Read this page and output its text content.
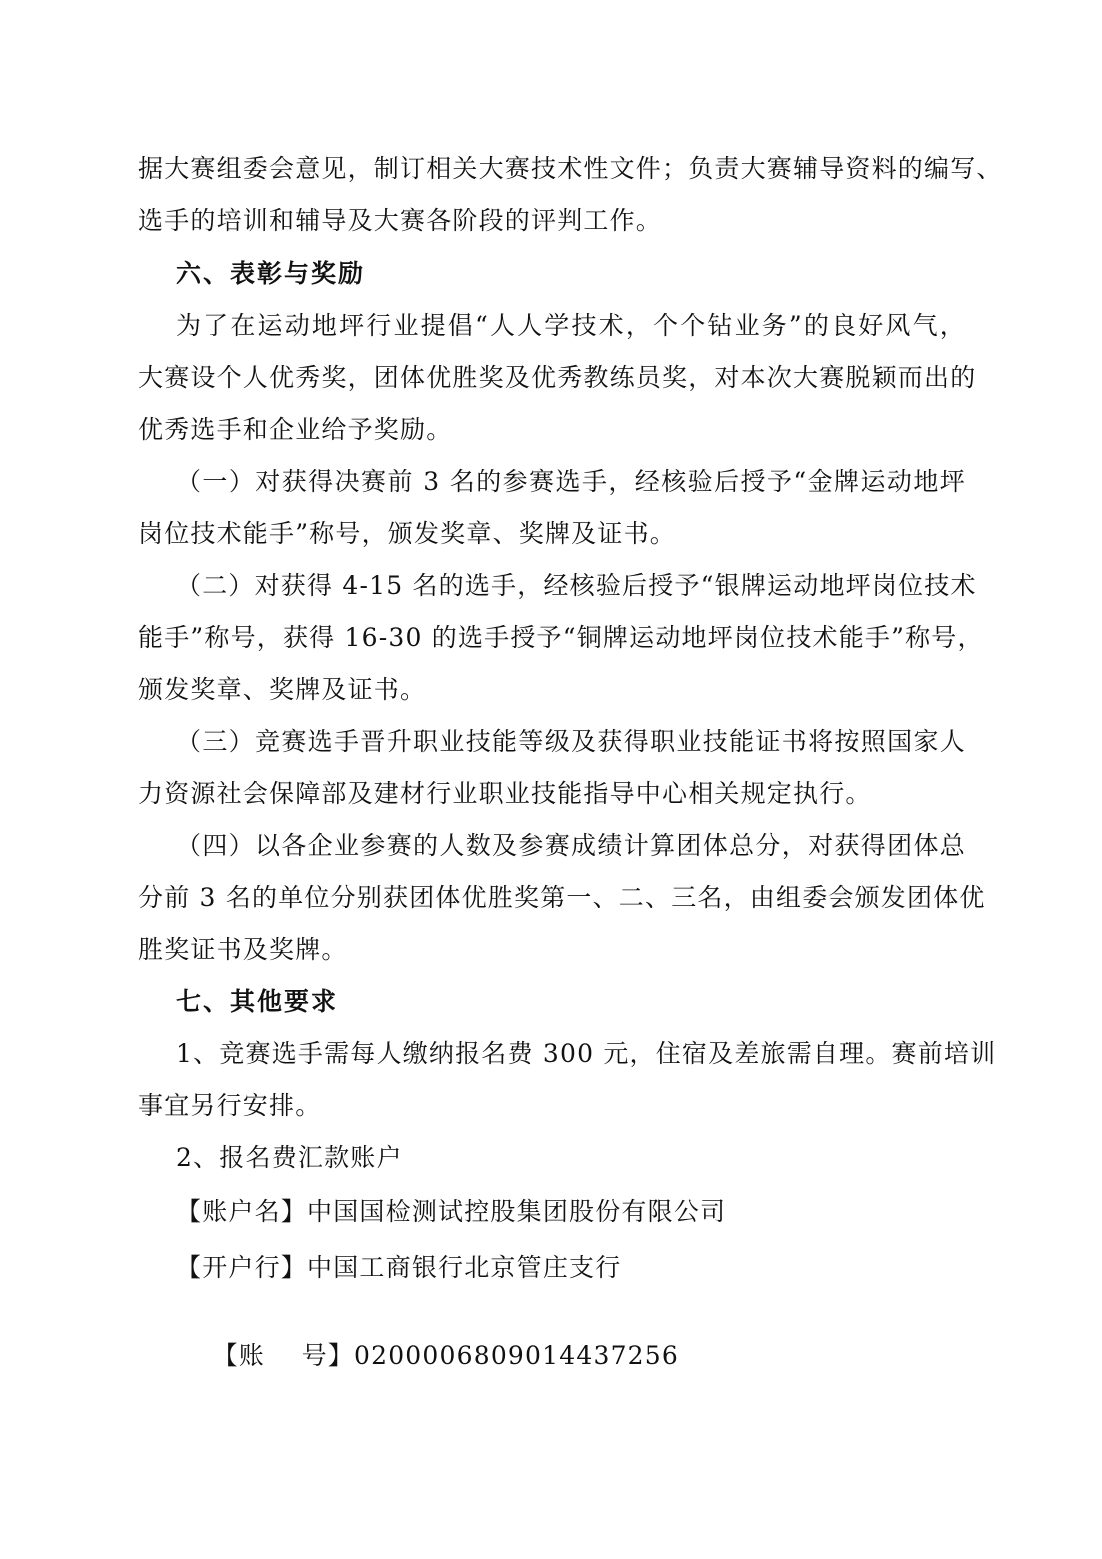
据大赛组委会意见，制订相关大赛技术性文件；负责大赛辅导资料的编写、
选手的培训和辅导及大赛各阶段的评判工作。
六、表彰与奖励
为了在运动地坪行业提倡“人人学技术，个个钻业务”的良好风气，
大赛设个人优秀奖，团体优胜奖及优秀教练员奖，对本次大赛脱颖而出的
优秀选手和企业给予奖励。
（一）对获得决赛前 3 名的参赛选手，经核验后授予“金牌运动地坪
岗位技术能手”称号，颁发奖章、奖牌及证书。
（二）对获得 4-15 名的选手，经核验后授予“银牌运动地坪岗位技术
能手”称号，获得 16-30 的选手授予“铜牌运动地坪岗位技术能手”称号，
颁发奖章、奖牌及证书。
（三）竞赛选手晋升职业技能等级及获得职业技能证书将按照国家人
力资源社会保障部及建材行业职业技能指导中心相关规定执行。
（四）以各企业参赛的人数及参赛成绩计算团体总分，对获得团体总
分前 3 名的单位分别获团体优胜奖第一、二、三名，由组委会颁发团体优
胜奖证书及奖牌。
七、其他要求
1、竞赛选手需每人缴纳报名费 300 元，住宿及差旅需自理。赛前培训
事宜另行安排。
2、报名费汇款账户
【账户名】中国国检测试控股集团股份有限公司
【开户行】中国工商银行北京管庄支行

【账    号】0200006809014437256
